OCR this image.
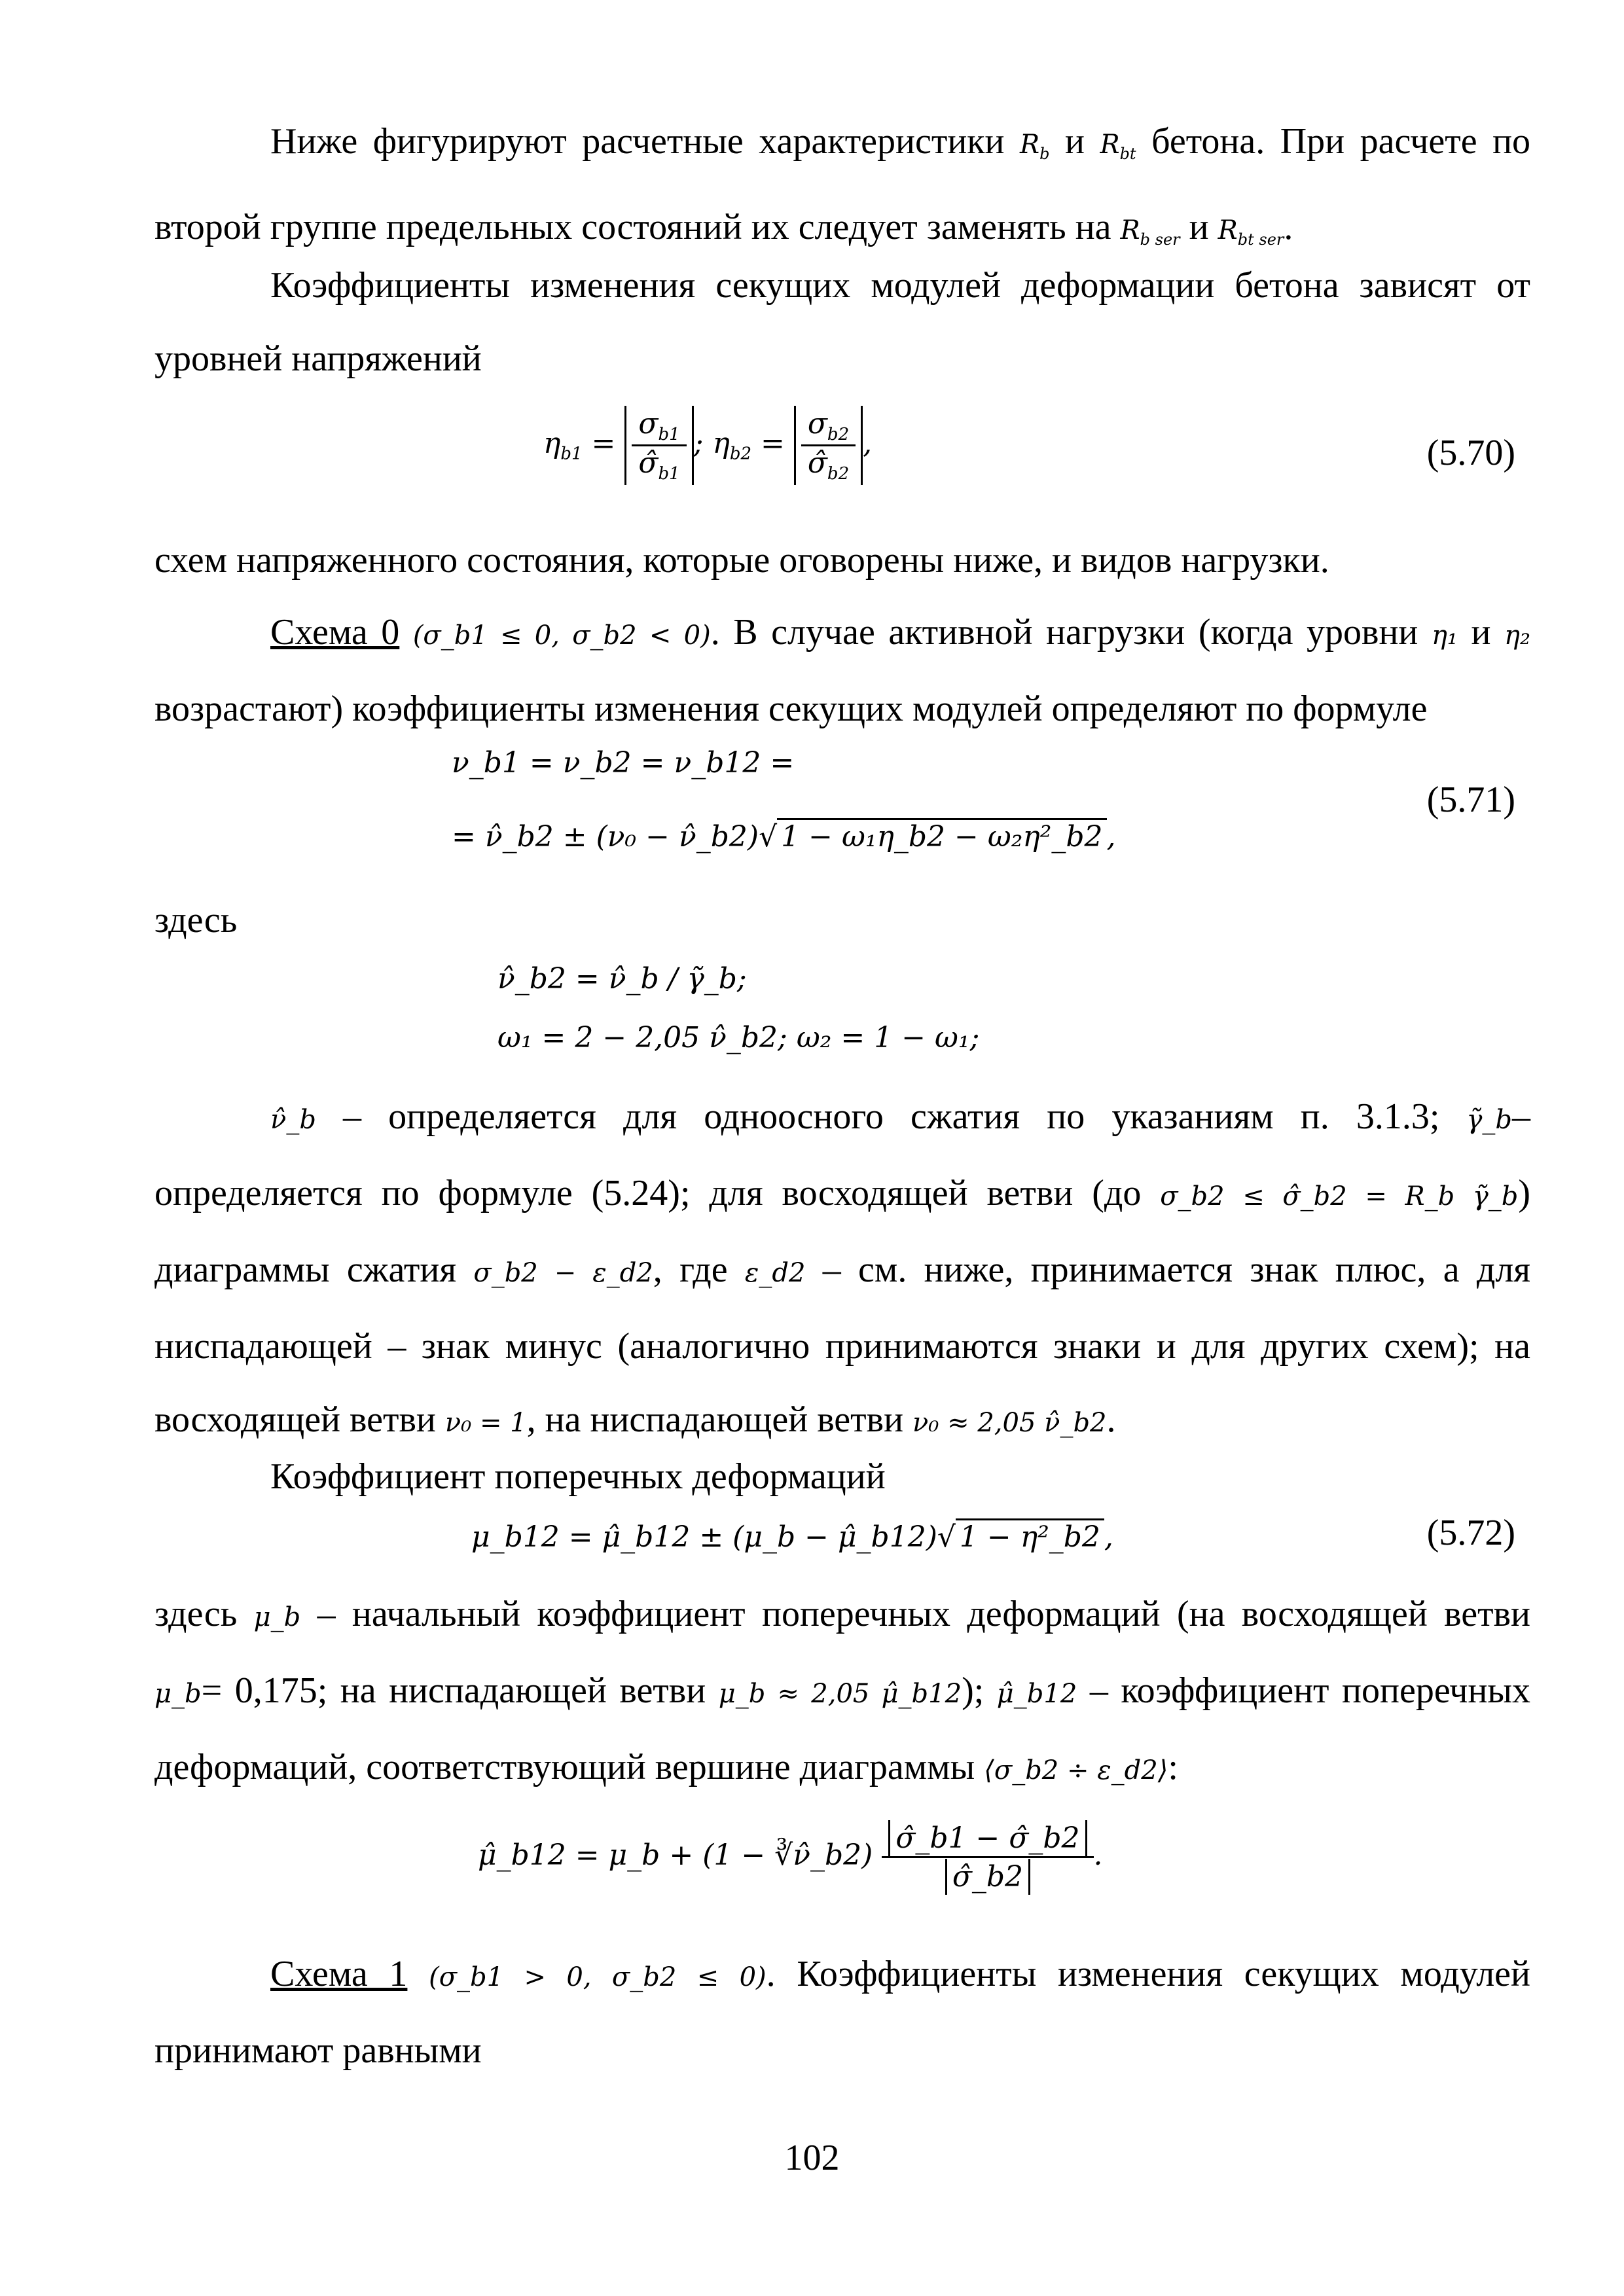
Ниже фигурируют расчетные характеристики $R_b$ и $R_{bt}$ бетона. При расчете по второй группе предельных состояний их следует заменять на $R_{b ser}$ и $R_{bt ser}$.
Коэффициенты изменения секущих модулей деформации бетона зависят от уровней напряжений
$\eta_{b1} = \frac{\sigma_{b1}}{\sigmâ_{b1}}$ ; $\eta_{b2} = \frac{\sigma_{b2}}{\sigmâ_{b2}}$ ,	(5.70)
схем напряженного состояния, которые оговорены ниже, и видов нагрузки.
Схема 0 (σ_b1 ≤ 0, σ_b2 < 0). В случае активной нагрузки (когда уровни η₁ и η₂ возрастают) коэффициенты изменения секущих модулей определяют по формуле
ν_b1 = ν_b2 = ν_b12 =
= ν̂_b2 ± (ν₀ − ν̂_b2)√ 1 − ω₁η_b2 − ω₂η²_b2 ,
(5.71)
здесь
ν̂_b2 = ν̂_b / γ̃_b;
ω₁ = 2 − 2,05 ν̂_b2; ω₂ = 1 − ω₁;
ν̂_b – определяется для одноосного сжатия по указаниям п. 3.1.3; γ̃_b– определяется по формуле (5.24); для восходящей ветви (до σ_b2 ≤ σ̂_b2 = R_b γ̃_b) диаграммы сжатия σ_b2 − ε_d2, где ε_d2 – см. ниже, принимается знак плюс, а для ниспадающей – знак минус (аналогично принимаются знаки и для других схем); на восходящей ветви ν₀ = 1, на ниспадающей ветви ν₀ ≈ 2,05 ν̂_b2.
Коэффициент поперечных деформаций
μ_b12 = μ̂_b12 ± (μ_b − μ̂_b12)√ 1 − η²_b2 ,	(5.72)
здесь μ_b – начальный коэффициент поперечных деформаций (на восходящей ветви μ_b= 0,175; на ниспадающей ветви μ_b ≈ 2,05 μ̂_b12); μ̂_b12 – коэффициент поперечных деформаций, соответствующий вершине диаграммы ⟨σ_b2 ÷ ε_d2⟩:
μ̂_b12 = μ_b + (1 − ∛ν̂_b2) $\frac{\sigmâ\_b1 - \sigmâ\_b2}{\sigmâ\_b2}$ .
Схема 1 (σ_b1 > 0, σ_b2 ≤ 0). Коэффициенты изменения секущих модулей принимают равными
102
